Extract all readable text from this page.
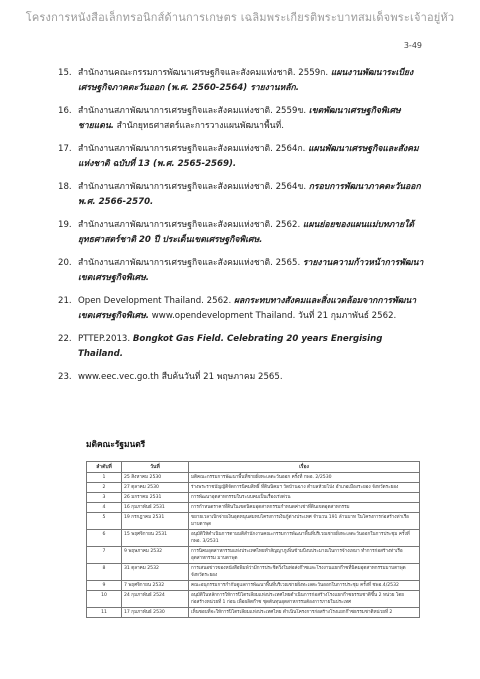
โครงการหนังสือเล็กทรอนิกส์ด้านการเกษตร เฉลิมพระเกียรติพระบาทสมเด็จพระเจ้าอยู่หัว
3-49
15. สำนักงานคณะกรรมการพัฒนาเศรษฐกิจและสังคมแห่งชาติ. 2559ก. แผนงานพัฒนาระเบียงเศรษฐกิจภาคตะวันออก (พ.ศ. 2560-2564) รายงานหลัก.
16. สำนักงานสภาพัฒนาการเศรษฐกิจและสังคมแห่งชาติ. 2559ข. เขตพัฒนาเศรษฐกิจพิเศษชายแดน. สำนักยุทธศาสตร์และการวางแผนพัฒนาพื้นที่.
17. สำนักงานสภาพัฒนาการเศรษฐกิจและสังคมแห่งชาติ. 2564ก. แผนพัฒนาเศรษฐกิจและสังคมแห่งชาติ ฉบับที่ 13 (พ.ศ. 2565-2569).
18. สำนักงานสภาพัฒนาการเศรษฐกิจและสังคมแห่งชาติ. 2564ข. กรอบการพัฒนาภาคตะวันออก พ.ศ. 2566-2570.
19. สำนักงานสภาพัฒนาการเศรษฐกิจและสังคมแห่งชาติ. 2562. แผนย่อยของแผนแม่บทภายใต้ยุทธศาสตร์ชาติ 20 ปี ประเด็นเขตเศรษฐกิจพิเศษ.
20. สำนักงานสภาพัฒนาการเศรษฐกิจและสังคมแห่งชาติ. 2565. รายงานความก้าวหน้าการพัฒนาเขตเศรษฐกิจพิเศษ.
21. Open Development Thailand. 2562. ผลกระทบทางสังคมและสิ่งแวดล้อมจากการพัฒนาเขตเศรษฐกิจพิเศษ. www.opendevelopment Thailand. วันที่ 21 กุมภาพันธ์ 2562.
22. PTTEP.2013. Bongkot Gas Field. Celebrating 20 years Energising Thailand.
23. www.eec.vec.go.th สืบค้นวันที่ 21 พฤษภาคม 2565.
มติคณะรัฐมนตรี
ลำดับที่	วันที่	เรื่อง
1	25 สิงหาคม 2530	มติคณะกรรมการพัฒนาพื้นที่ชายฝั่งทะเลตะวันออก ครั้งที่ กพอ. 2/2530
2	27 ตุลาคม 2530	ร่างพระราชบัญญัติจัดการนิคมสิทธิ์ ที่ดินนิคมฯ วัดบ้านฉาง ตำบลห้วยโป่ง อำเภอเมืองระยอง จังหวัดระยอง
3	26 มกราคม 2531	การพัฒนาอุตสาหกรรมในระบบคมเป็นเรื่องเร่งด่วน
4	16 กุมภาพันธ์ 2531	การกำหนดราคาที่ดินในเขตนิคมอุตสาหกรรมกำหนดค่าเช่าที่ดินเขตอุตสาหกรรม
5	19 กรกฎาคม 2531	ขยายเวลาเบิกจ่ายเงินอุดหนุนสมทบโครงการเงินกู้ต่างประเทศ จำนวน 191 ล้านบาท ในโครงการก่อสร้างท่าเรือมาบตาพุด
6	15 พฤศจิกายน 2531	อนุมัติให้ดำเนินการตามมติสำนักงานคณะกรรมการพัฒนาพื้นที่บริเวณชายฝั่งทะเลตะวันออกในการประชุม ครั้งที่ กพอ. 3/2531
7	9 พฤษภาคม 2532	การนิคมอุตสาหกรรมแห่งประเทศไทยทำสัญญาภูเพิ่นข้ามปีงบประมาณในการจ้างเหมา ทำการก่อสร้างท่าเรืออุตสาหกรรม มาบตาพุด
8	31 ตุลาคม 2532	การเสนอข่าวของหนังสือพิมพ์ว่ามีการประชิดวิ่งในท่อส่งก๊าซและโรงงานแยกก๊าซที่นิคมอุตสาหกรรมมาบตาพุด จังหวัดระยอง
9	7 พฤศจิกายน 2532	คณะอนุกรรมการกำกับดูแลการพัฒนาพื้นที่บริเวณชายฝั่งทะเลตะวันออกในการประชุม ครั้งที่ ชพอ.4/2532
10	24 กุมภาพันธ์ 2524	อนุมัติในหลักการให้การปิโตรเลียมแห่งประเทศไทยดำเนินการก่อสร้างโรงแยกก๊าซธรรมชาติขึ้น 2 หน่วย โดยก่อสร้างหน่วยที่ 1 ก่อน เพื่อผลิตก๊าซ ชุดต้นทุนอุตสาหกรรมต้องการภายในประเทศ
11	17 กุมภาพันธ์ 2530	เห็นชอบที่จะให้การปิโตรเลียมแห่งประเทศไทย ดำเนินโครงการก่อสร้างโรงแยกก๊าซธรรมชาติหน่วยที่ 2
